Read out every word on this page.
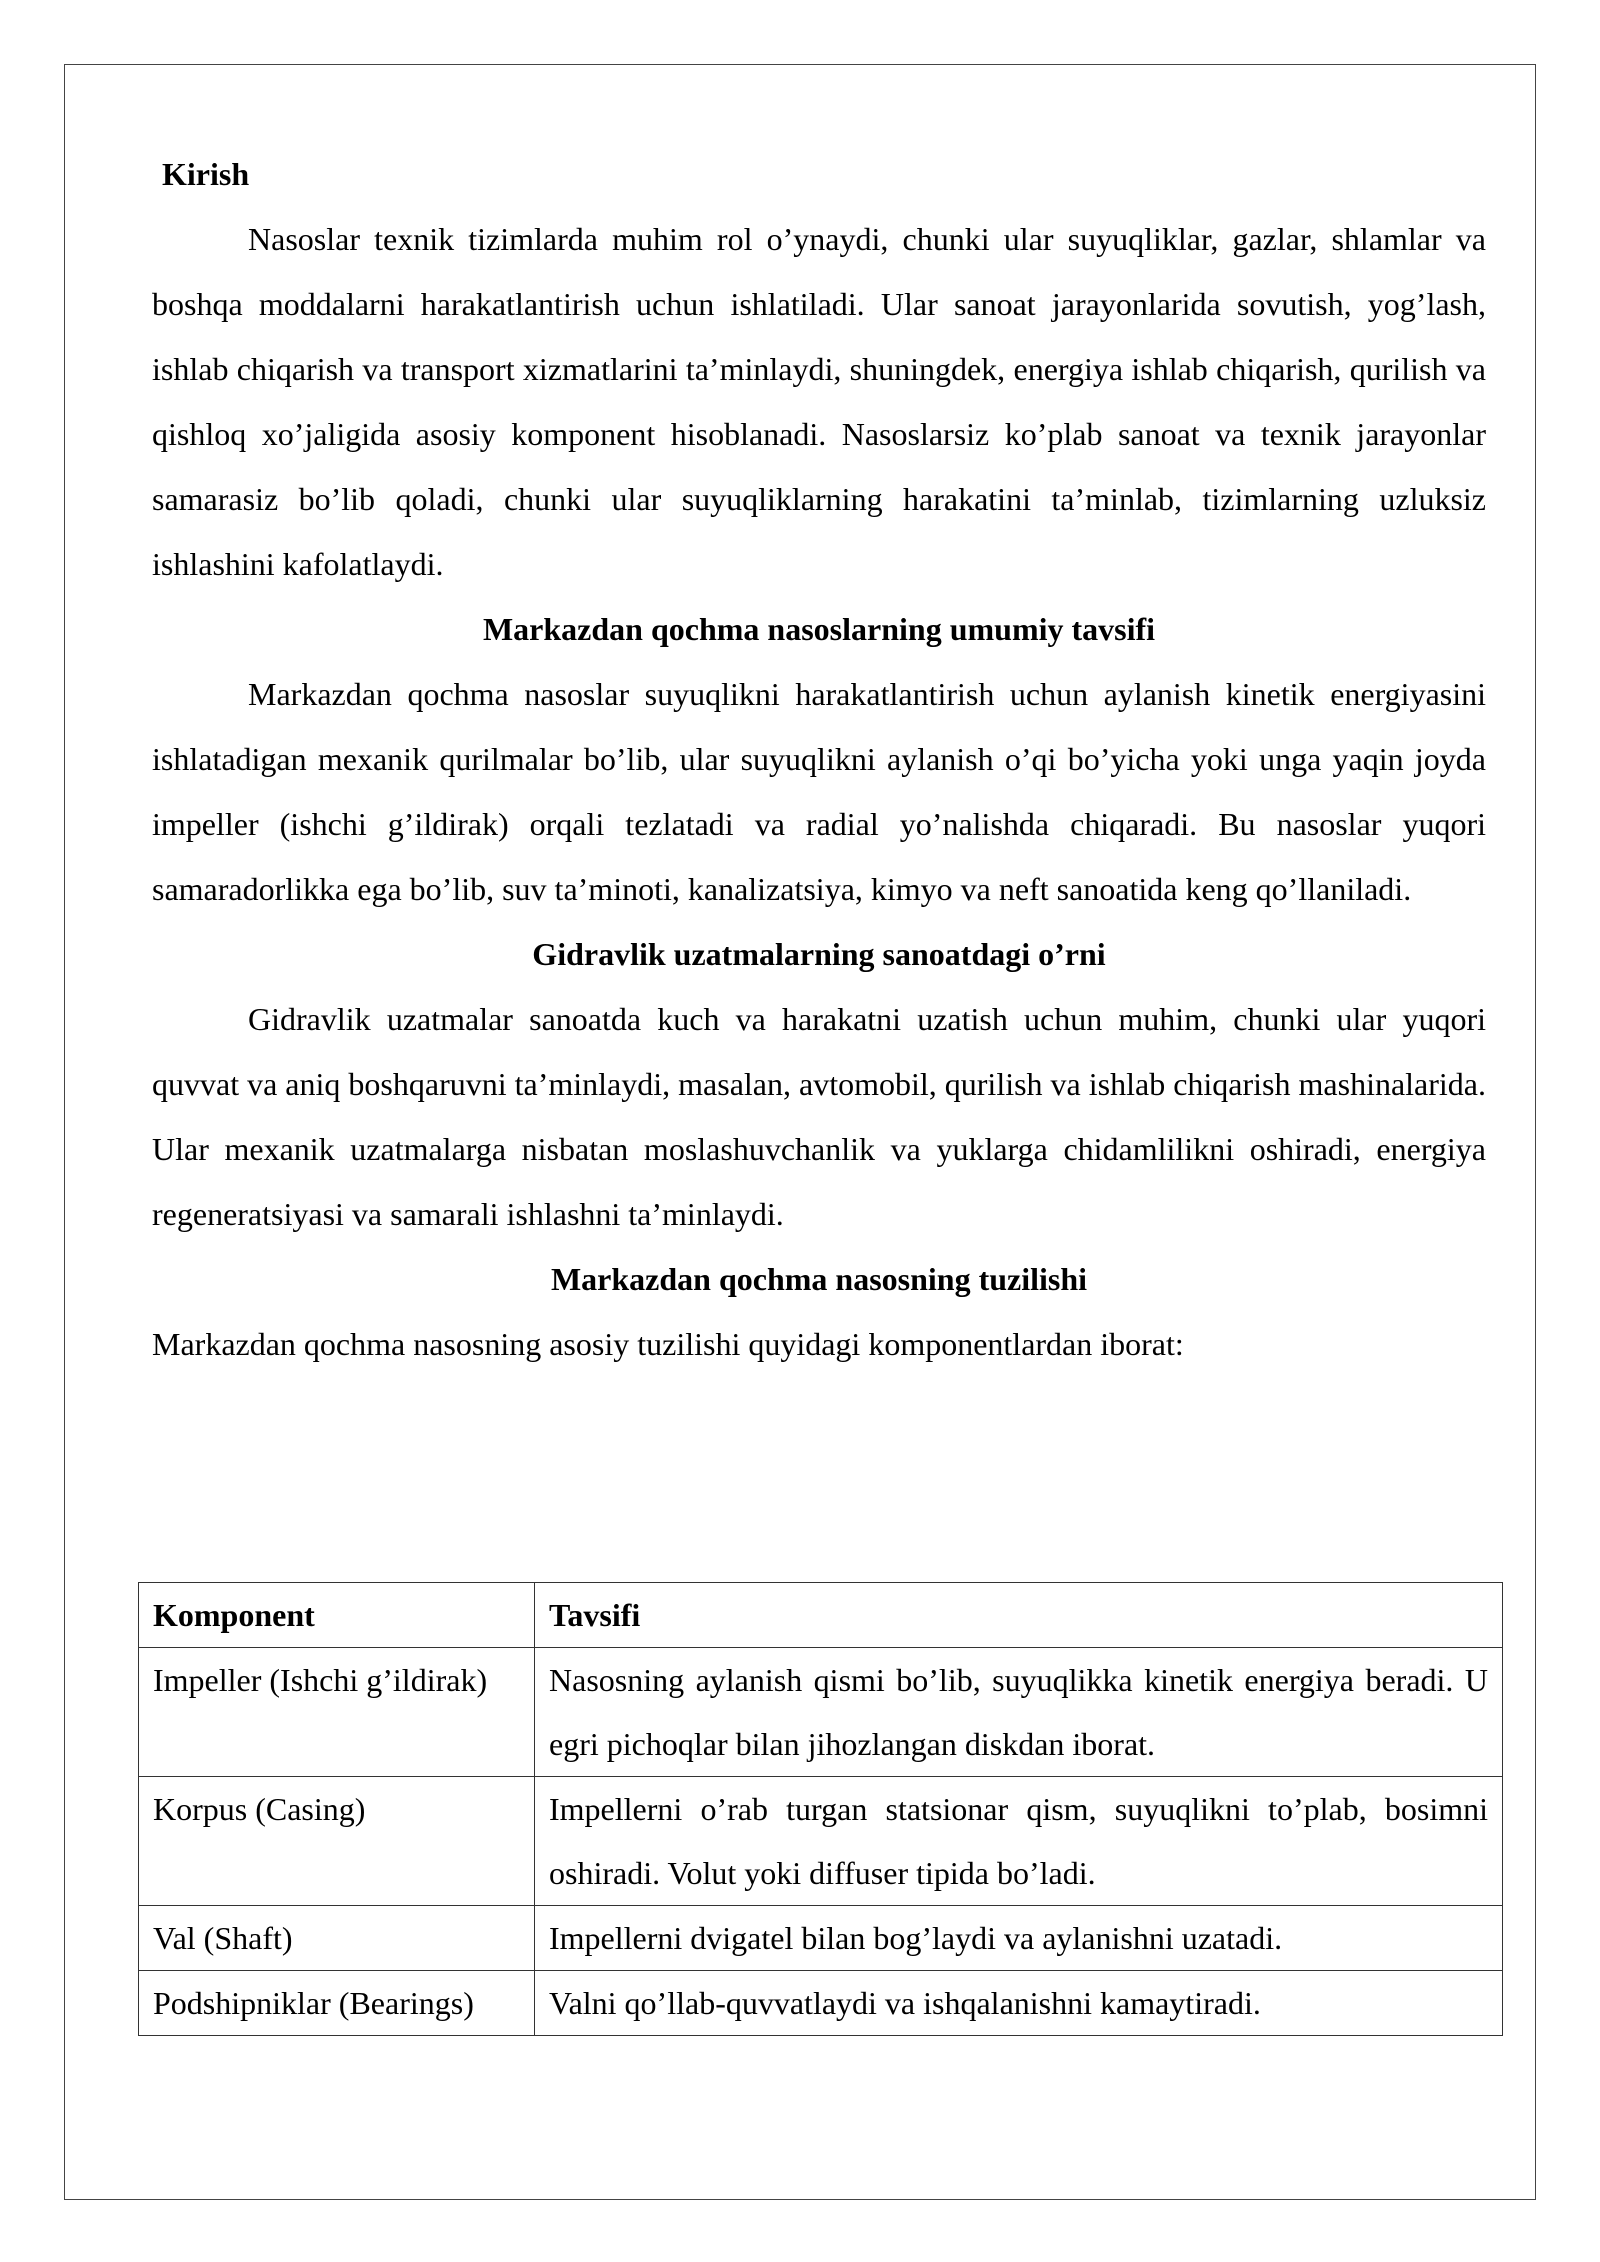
Kirish

Nasoslar texnik tizimlarda muhim rol o’ynaydi, chunki ular suyuqliklar, gazlar, shlamlar va boshqa moddalarni harakatlantirish uchun ishlatiladi. Ular sanoat jarayonlarida sovutish, yog’lash, ishlab chiqarish va transport xizmatlarini ta’minlaydi, shuningdek, energiya ishlab chiqarish, qurilish va qishloq xo’jaligida asosiy komponent hisoblanadi. Nasoslarsiz ko’plab sanoat va texnik jarayonlar samarasiz bo’lib qoladi, chunki ular suyuqliklarning harakatini ta’minlab, tizimlarning uzluksiz ishlashini kafolatlaydi.

Markazdan qochma nasoslarning umumiy tavsifi

Markazdan qochma nasoslar suyuqlikni harakatlantirish uchun aylanish kinetik energiyasini ishlatadigan mexanik qurilmalar bo’lib, ular suyuqlikni aylanish o’qi bo’yicha yoki unga yaqin joyda impeller (ishchi g’ildirak) orqali tezlatadi va radial yo’nalishda chiqaradi. Bu nasoslar yuqori samaradorlikka ega bo’lib, suv ta’minoti, kanalizatsiya, kimyo va neft sanoatida keng qo’llaniladi.

Gidravlik uzatmalarning sanoatdagi o’rni

Gidravlik uzatmalar sanoatda kuch va harakatni uzatish uchun muhim, chunki ular yuqori quvvat va aniq boshqaruvni ta’minlaydi, masalan, avtomobil, qurilish va ishlab chiqarish mashinalarida. Ular mexanik uzatmalarga nisbatan moslashuvchanlik va yuklarga chidamlilikni oshiradi, energiya regeneratsiyasi va samarali ishlashni ta’minlaydi.

Markazdan qochma nasosning tuzilishi

Markazdan qochma nasosning asosiy tuzilishi quyidagi komponentlardan iborat:

Komponent	Tavsifi
Impeller (Ishchi g’ildirak)	Nasosning aylanish qismi bo’lib, suyuqlikka kinetik energiya beradi. U egri pichoqlar bilan jihozlangan diskdan iborat.
Korpus (Casing)	Impellerni o’rab turgan statsionar qism, suyuqlikni to’plab, bosimni oshiradi. Volut yoki diffuser tipida bo’ladi.
Val (Shaft)	Impellerni dvigatel bilan bog’laydi va aylanishni uzatadi.
Podshipniklar (Bearings)	Valni qo’llab-quvvatlaydi va ishqalanishni kamaytiradi.
